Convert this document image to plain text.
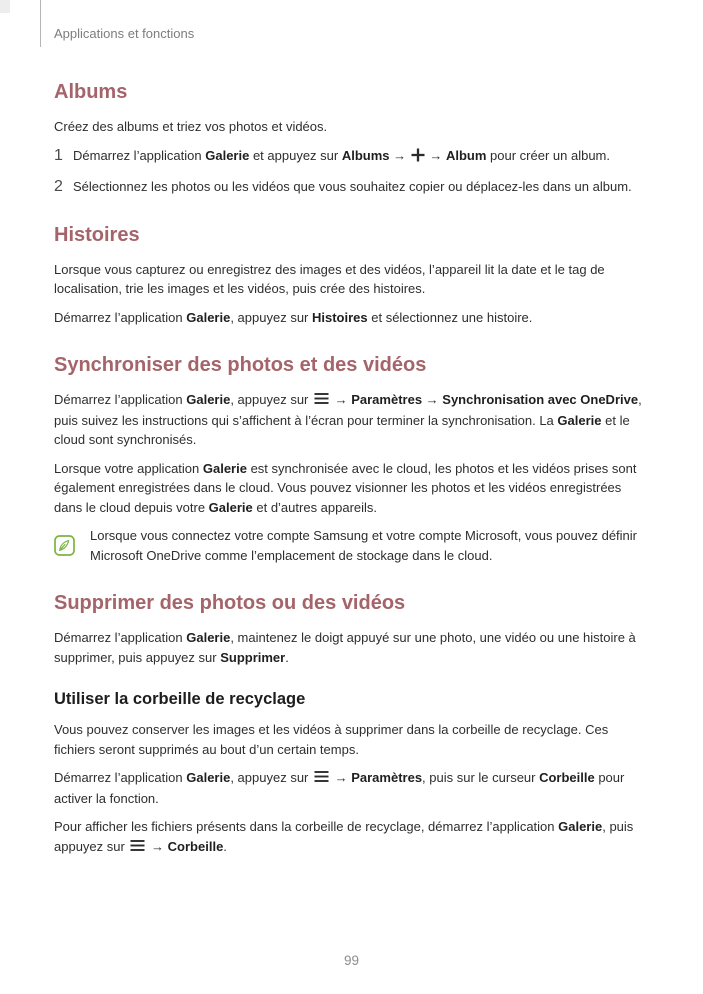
Applications et fonctions
Albums

Créez des albums et triez vos photos et vidéos.

1 Démarrez l’application Galerie et appuyez sur Albums →  → Album pour créer un album.
2 Sélectionnez les photos ou les vidéos que vous souhaitez copier ou déplacez-les dans un album.
Histoires

Lorsque vous capturez ou enregistrez des images et des vidéos, l’appareil lit la date et le tag de localisation, trie les images et les vidéos, puis crée des histoires.

Démarrez l’application Galerie, appuyez sur Histoires et sélectionnez une histoire.

Synchroniser des photos et des vidéos

Démarrez l’application Galerie, appuyez sur  → Paramètres → Synchronisation avec OneDrive, puis suivez les instructions qui s’affichent à l’écran pour terminer la synchronisation. La Galerie et le cloud sont synchronisés.

Lorsque votre application Galerie est synchronisée avec le cloud, les photos et les vidéos prises sont également enregistrées dans le cloud. Vous pouvez visionner les photos et les vidéos enregistrées dans le cloud depuis votre Galerie et d’autres appareils.

Lorsque vous connectez votre compte Samsung et votre compte Microsoft, vous pouvez définir Microsoft OneDrive comme l’emplacement de stockage dans le cloud.
Supprimer des photos ou des vidéos

Démarrez l’application Galerie, maintenez le doigt appuyé sur une photo, une vidéo ou une histoire à supprimer, puis appuyez sur Supprimer.

Utiliser la corbeille de recyclage

Vous pouvez conserver les images et les vidéos à supprimer dans la corbeille de recyclage. Ces fichiers seront supprimés au bout d’un certain temps.

Démarrez l’application Galerie, appuyez sur  → Paramètres, puis sur le curseur Corbeille pour activer la fonction.

Pour afficher les fichiers présents dans la corbeille de recyclage, démarrez l’application Galerie, puis appuyez sur  → Corbeille.

99
